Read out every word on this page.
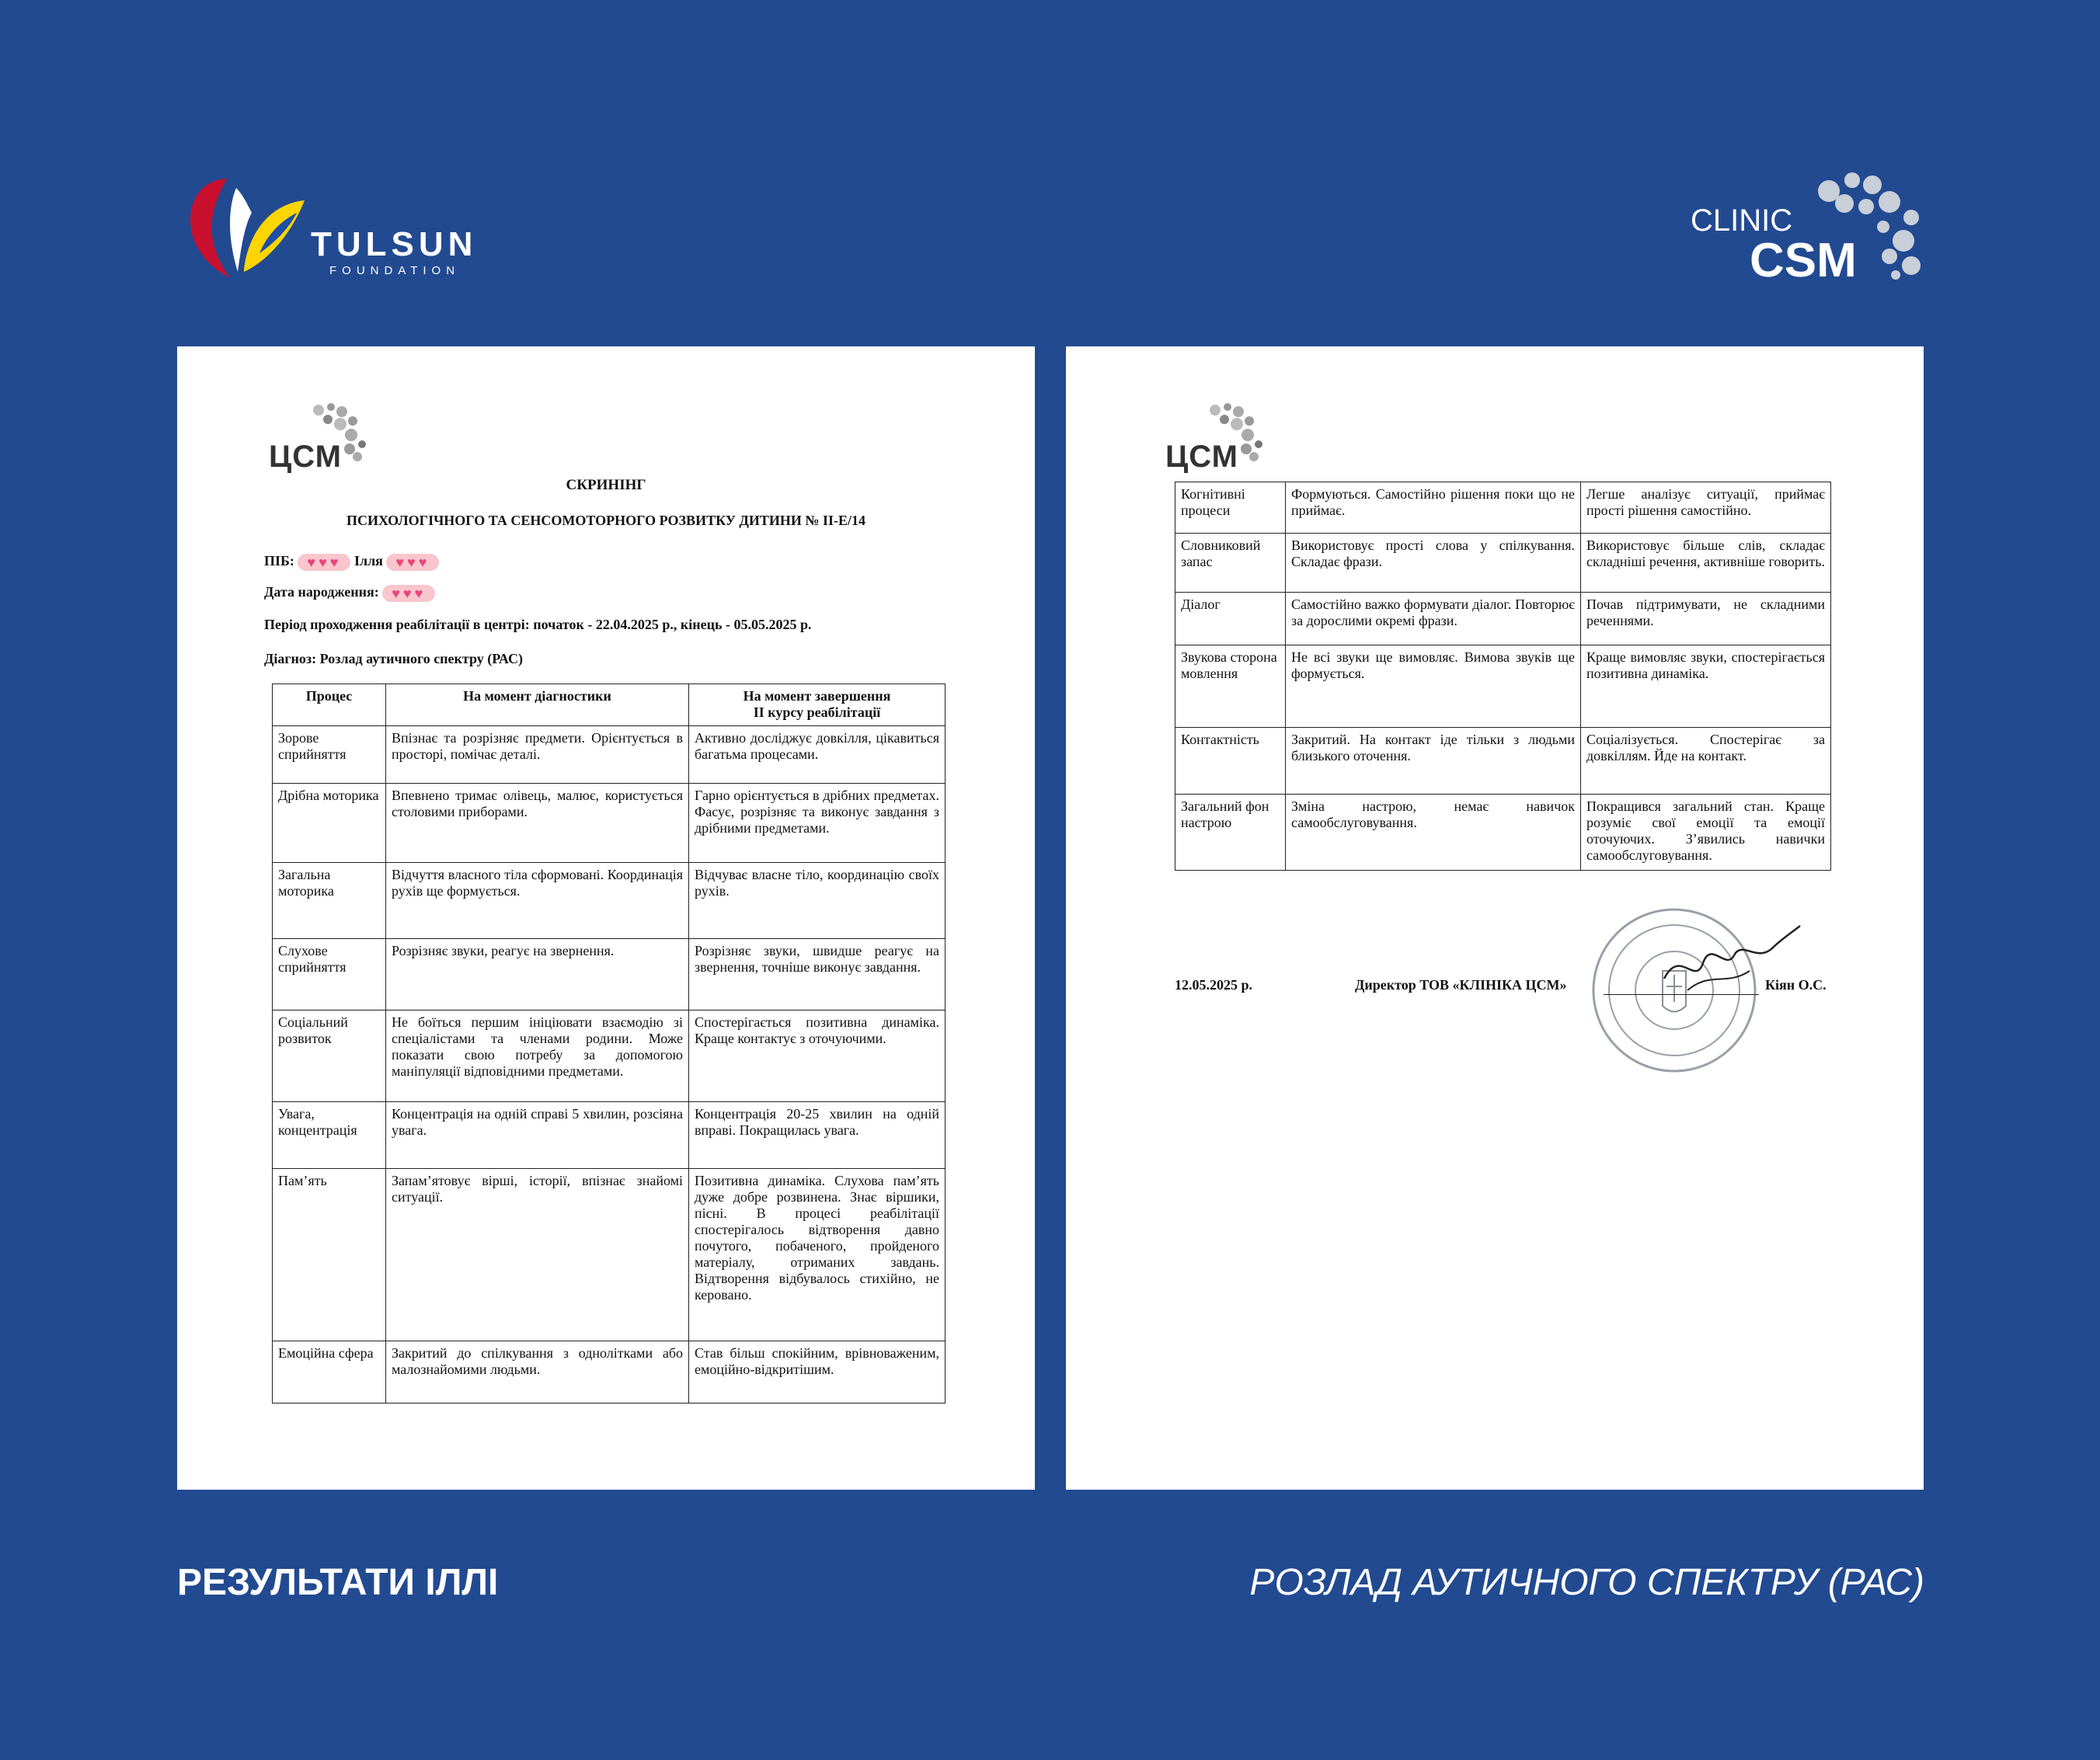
TULSUN
FOUNDATION
CLINIC
CSM
ЦСМ
СКРИНІНГ
ПСИХОЛОГІЧНОГО ТА СЕНСОМОТОРНОГО РОЗВИТКУ ДИТИНИ № II-Е/14
ПІБ: ♥♥♥ Ілля ♥♥♥
Дата народження: ♥♥♥
Період проходження реабілітації в центрі: початок - 22.04.2025 р., кінець - 05.05.2025 р.
Діагноз: Розлад аутичного спектру (РАС)
Процес	На момент діагностики	На момент завершення
II курсу реабілітації
Зорове сприйняття	Впізнає та розрізняє предмети. Орієнтується в просторі, помічає деталі.	Активно досліджує довкілля, цікавиться багатьма процесами.
Дрібна моторика	Впевнено тримає олівець, малює, користується столовими приборами.	Гарно орієнтується в дрібних предметах. Фасує, розрізняє та виконує завдання з дрібними предметами.
Загальна моторика	Відчуття власного тіла сформовані. Координація рухів ще формується.	Відчуває власне тіло, координацію своїх рухів.
Слухове сприйняття	Розрізняє звуки, реагує на звернення.	Розрізняє звуки, швидше реагує на звернення, точніше виконує завдання.
Соціальний розвиток	Не боїться першим ініціювати взаємодію зі спеціалістами та членами родини. Може показати свою потребу за допомогою маніпуляції відповідними предметами.	Спостерігається позитивна динаміка. Краще контактує з оточуючими.
Увага, концентрація	Концентрація на одній справі 5 хвилин, розсіяна увага.	Концентрація 20-25 хвилин на одній вправі. Покращилась увага.
Пам’ять	Запам’ятовує вірші, історії, впізнає знайомі ситуації.	Позитивна динаміка. Слухова пам’ять дуже добре розвинена. Знає віршики, пісні. В процесі реабілітації спостерігалось відтворення давно почутого, побаченого, пройденого матеріалу, отриманих завдань. Відтворення відбувалось стихійно, не керовано.
Емоційна сфера	Закритий до спілкування з однолітками або малознайомими людьми.	Став більш спокійним, врівноваженим, емоційно-відкритішим.
ЦСМ
Когнітивні процеси	Формуються. Самостійно рішення поки що не приймає.	Легше аналізує ситуації, приймає прості рішення самостійно.
Словниковий запас	Використовує прості слова у спілкування. Складає фрази.	Використовує більше слів, складає складніші речення, активніше говорить.
Діалог	Самостійно важко формувати діалог. Повторює за дорослими окремі фрази.	Почав підтримувати, не складними реченнями.
Звукова сторона мовлення	Не всі звуки ще вимовляє. Вимова звуків ще формується.	Краще вимовляє звуки, спостерігається позитивна динаміка.
Контактність	Закритий. На контакт іде тільки з людьми близького оточення.	Соціалізується. Спостерігає за довкіллям. Йде на контакт.
Загальний фон настрою	Зміна настрою, немає навичок самообслуговування.	Покращився загальний стан. Краще розуміє свої емоції та емоції оточуючих. З’явились навички самообслуговування.
12.05.2025 р.	Директор ТОВ «КЛІНІКА ЦСМ»	Кіян О.С.
РЕЗУЛЬТАТИ ІЛЛІ	РОЗЛАД АУТИЧНОГО СПЕКТРУ (РАС)
